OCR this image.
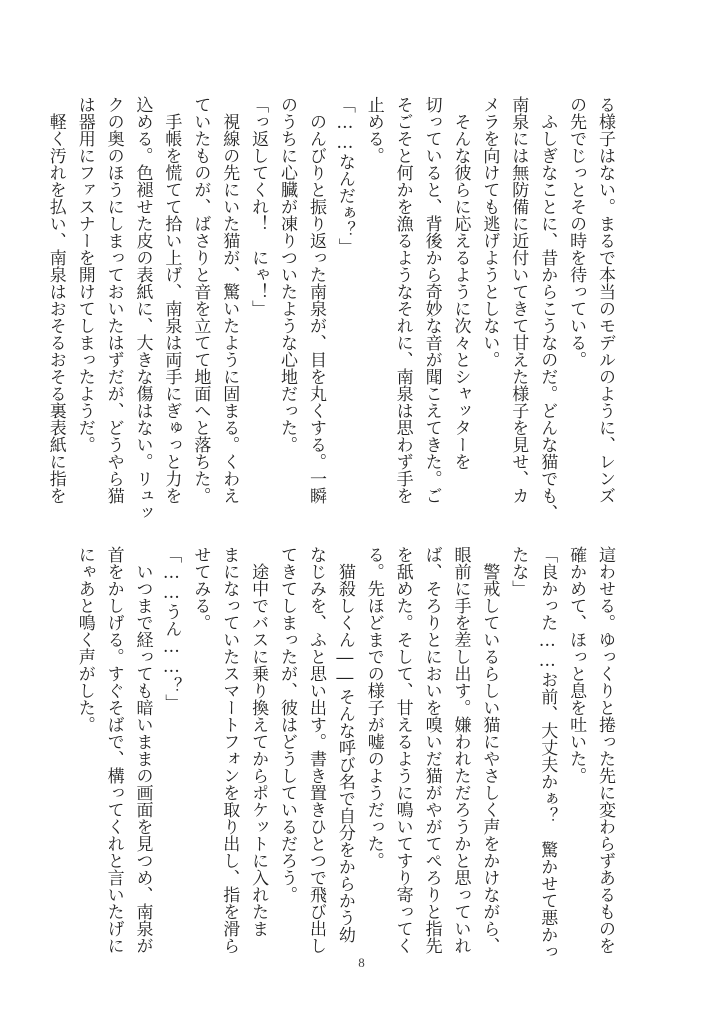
る様子はない。まるで本当のモデルのように、レンズ
の先でじっとその時を待っている。
　ふしぎなことに、昔からこうなのだ。どんな猫でも、
南泉には無防備に近付いてきて甘えた様子を見せ、カ
メラを向けても逃げようとしない。
　そんな彼らに応えるように次々とシャッターを
切っていると、背後から奇妙な音が聞こえてきた。ご
そごそと何かを漁るようなそれに、南泉は思わず手を
止める。
「……なんだぁ？」
　のんびりと振り返った南泉が、目を丸くする。一瞬
のうちに心臓が凍りついたような心地だった。
「っ返してくれ！　にゃ！」
　視線の先にいた猫が、驚いたように固まる。くわえ
ていたものが、ばさりと音を立てて地面へと落ちた。
　手帳を慌てて拾い上げ、南泉は両手にぎゅっと力を
込める。色褪せた皮の表紙に、大きな傷はない。リュッ
クの奥のほうにしまっておいたはずだが、どうやら猫
は器用にファスナーを開けてしまったようだ。
　軽く汚れを払い、南泉はおそるおそる裏表紙に指を
這わせる。ゆっくりと捲った先に変わらずあるものを
確かめて、ほっと息を吐いた。
「良かった……お前、大丈夫かぁ？　驚かせて悪かっ
たな」
　警戒しているらしい猫にやさしく声をかけながら、
眼前に手を差し出す。嫌われただろうかと思っていれ
ば、そろりとにおいを嗅いだ猫がやがてぺろりと指先
を舐めた。そして、甘えるように鳴いてすり寄ってく
る。先ほどまでの様子が嘘のようだった。
　猫殺しくん――そんな呼び名で自分をからかう幼
なじみを、ふと思い出す。書き置きひとつで飛び出し
てきてしまったが、彼はどうしているだろう。
　途中でバスに乗り換えてからポケットに入れたま
まになっていたスマートフォンを取り出し、指を滑ら
せてみる。
「……うん……？」
　いつまで経っても暗いままの画面を見つめ、南泉が
首をかしげる。すぐそばで、構ってくれと言いたげに
にゃあと鳴く声がした。
8
